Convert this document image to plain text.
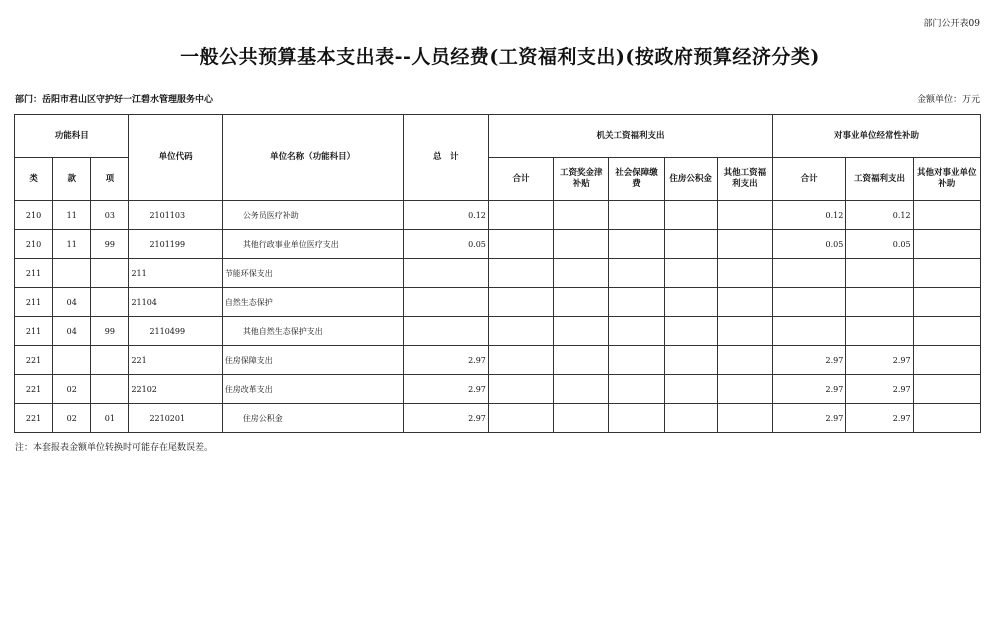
部门公开表09
一般公共预算基本支出表--人员经费(工资福利支出)(按政府预算经济分类)
部门：岳阳市君山区守护好一江碧水管理服务中心	金额单位：万元
功能科目			单位代码	单位名称（功能科目）	总　计	机关工资福利支出					对事业单位经常性补助		
类	款	项				合计	工资奖金津补贴	社会保障缴费	住房公积金	其他工资福利支出	合计	工资福利支出	其他对事业单位补助
210	11	03	2101103	公务员医疗补助	0.12						0.12	0.12	
210	11	99	2101199	其他行政事业单位医疗支出	0.05						0.05	0.05	
211			211	节能环保支出									
211	04		21104	自然生态保护									
211	04	99	2110499	其他自然生态保护支出									
221			221	住房保障支出	2.97						2.97	2.97	
221	02		22102	住房改革支出	2.97						2.97	2.97	
221	02	01	2210201	住房公积金	2.97						2.97	2.97	
注：本套报表金额单位转换时可能存在尾数误差。
